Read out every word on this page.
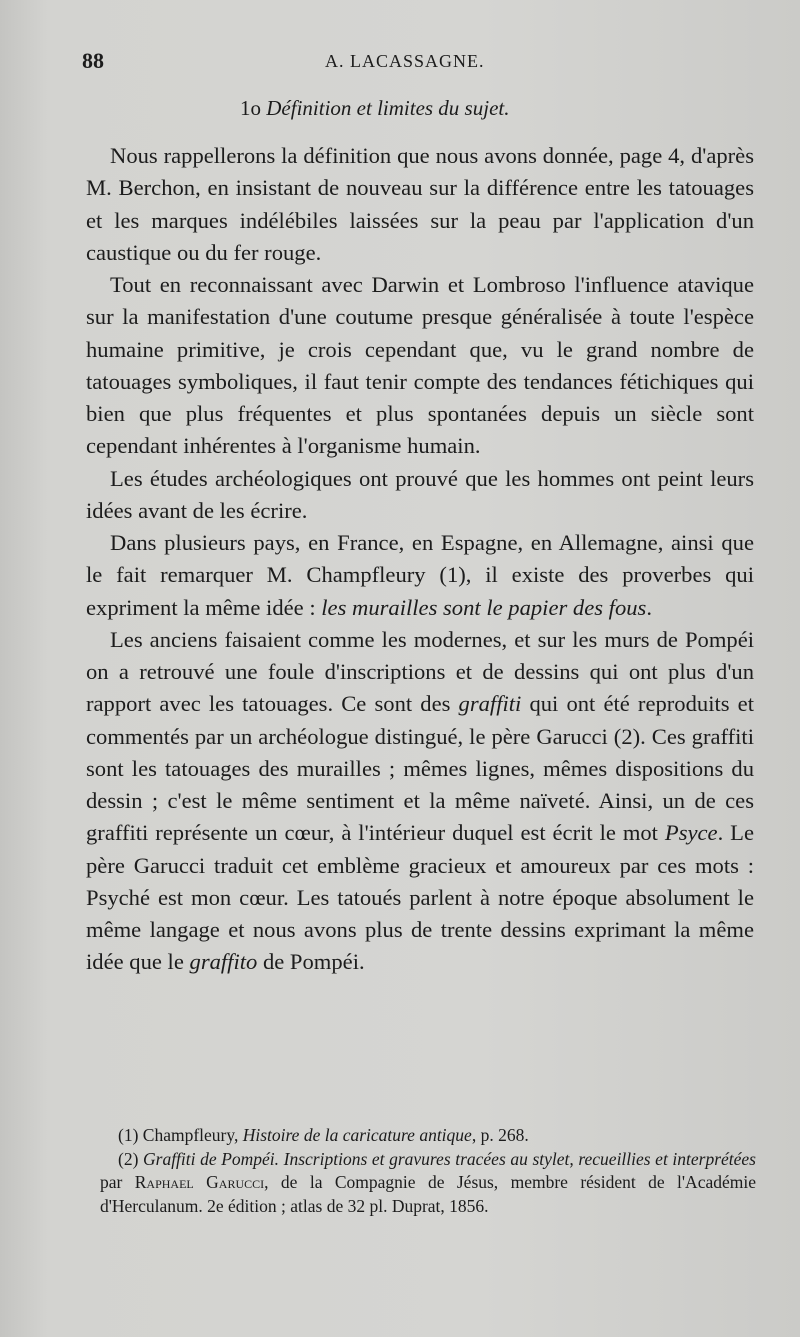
88	A. LACASSAGNE.
1o Définition et limites du sujet.

Nous rappellerons la définition que nous avons donnée, page 4, d'après M. Berchon, en insistant de nouveau sur la différence entre les tatouages et les marques indélébiles laissées sur la peau par l'application d'un caustique ou du fer rouge.

Tout en reconnaissant avec Darwin et Lombroso l'influence atavique sur la manifestation d'une coutume presque généralisée à toute l'espèce humaine primitive, je crois cependant que, vu le grand nombre de tatouages symboliques, il faut tenir compte des tendances fétichiques qui bien que plus fréquentes et plus spontanées depuis un siècle sont cependant inhérentes à l'organisme humain.

Les études archéologiques ont prouvé que les hommes ont peint leurs idées avant de les écrire.

Dans plusieurs pays, en France, en Espagne, en Allemagne, ainsi que le fait remarquer M. Champfleury (1), il existe des proverbes qui expriment la même idée : les murailles sont le papier des fous.

Les anciens faisaient comme les modernes, et sur les murs de Pompéi on a retrouvé une foule d'inscriptions et de dessins qui ont plus d'un rapport avec les tatouages. Ce sont des graffiti qui ont été reproduits et commentés par un archéologue distingué, le père Garucci (2). Ces graffiti sont les tatouages des murailles ; mêmes lignes, mêmes dispositions du dessin ; c'est le même sentiment et la même naïveté. Ainsi, un de ces graffiti représente un cœur, à l'intérieur duquel est écrit le mot Psyce. Le père Garucci traduit cet emblème gracieux et amoureux par ces mots : Psyché est mon cœur. Les tatoués parlent à notre époque absolument le même langage et nous avons plus de trente dessins exprimant la même idée que le graffito de Pompéi.

(1) Champfleury, Histoire de la caricature antique, p. 268.

(2) Graffiti de Pompéi. Inscriptions et gravures tracées au stylet, recueillies et interprétées par Raphael Garucci, de la Compagnie de Jésus, membre résident de l'Académie d'Herculanum. 2e édition ; atlas de 32 pl. Duprat, 1856.
